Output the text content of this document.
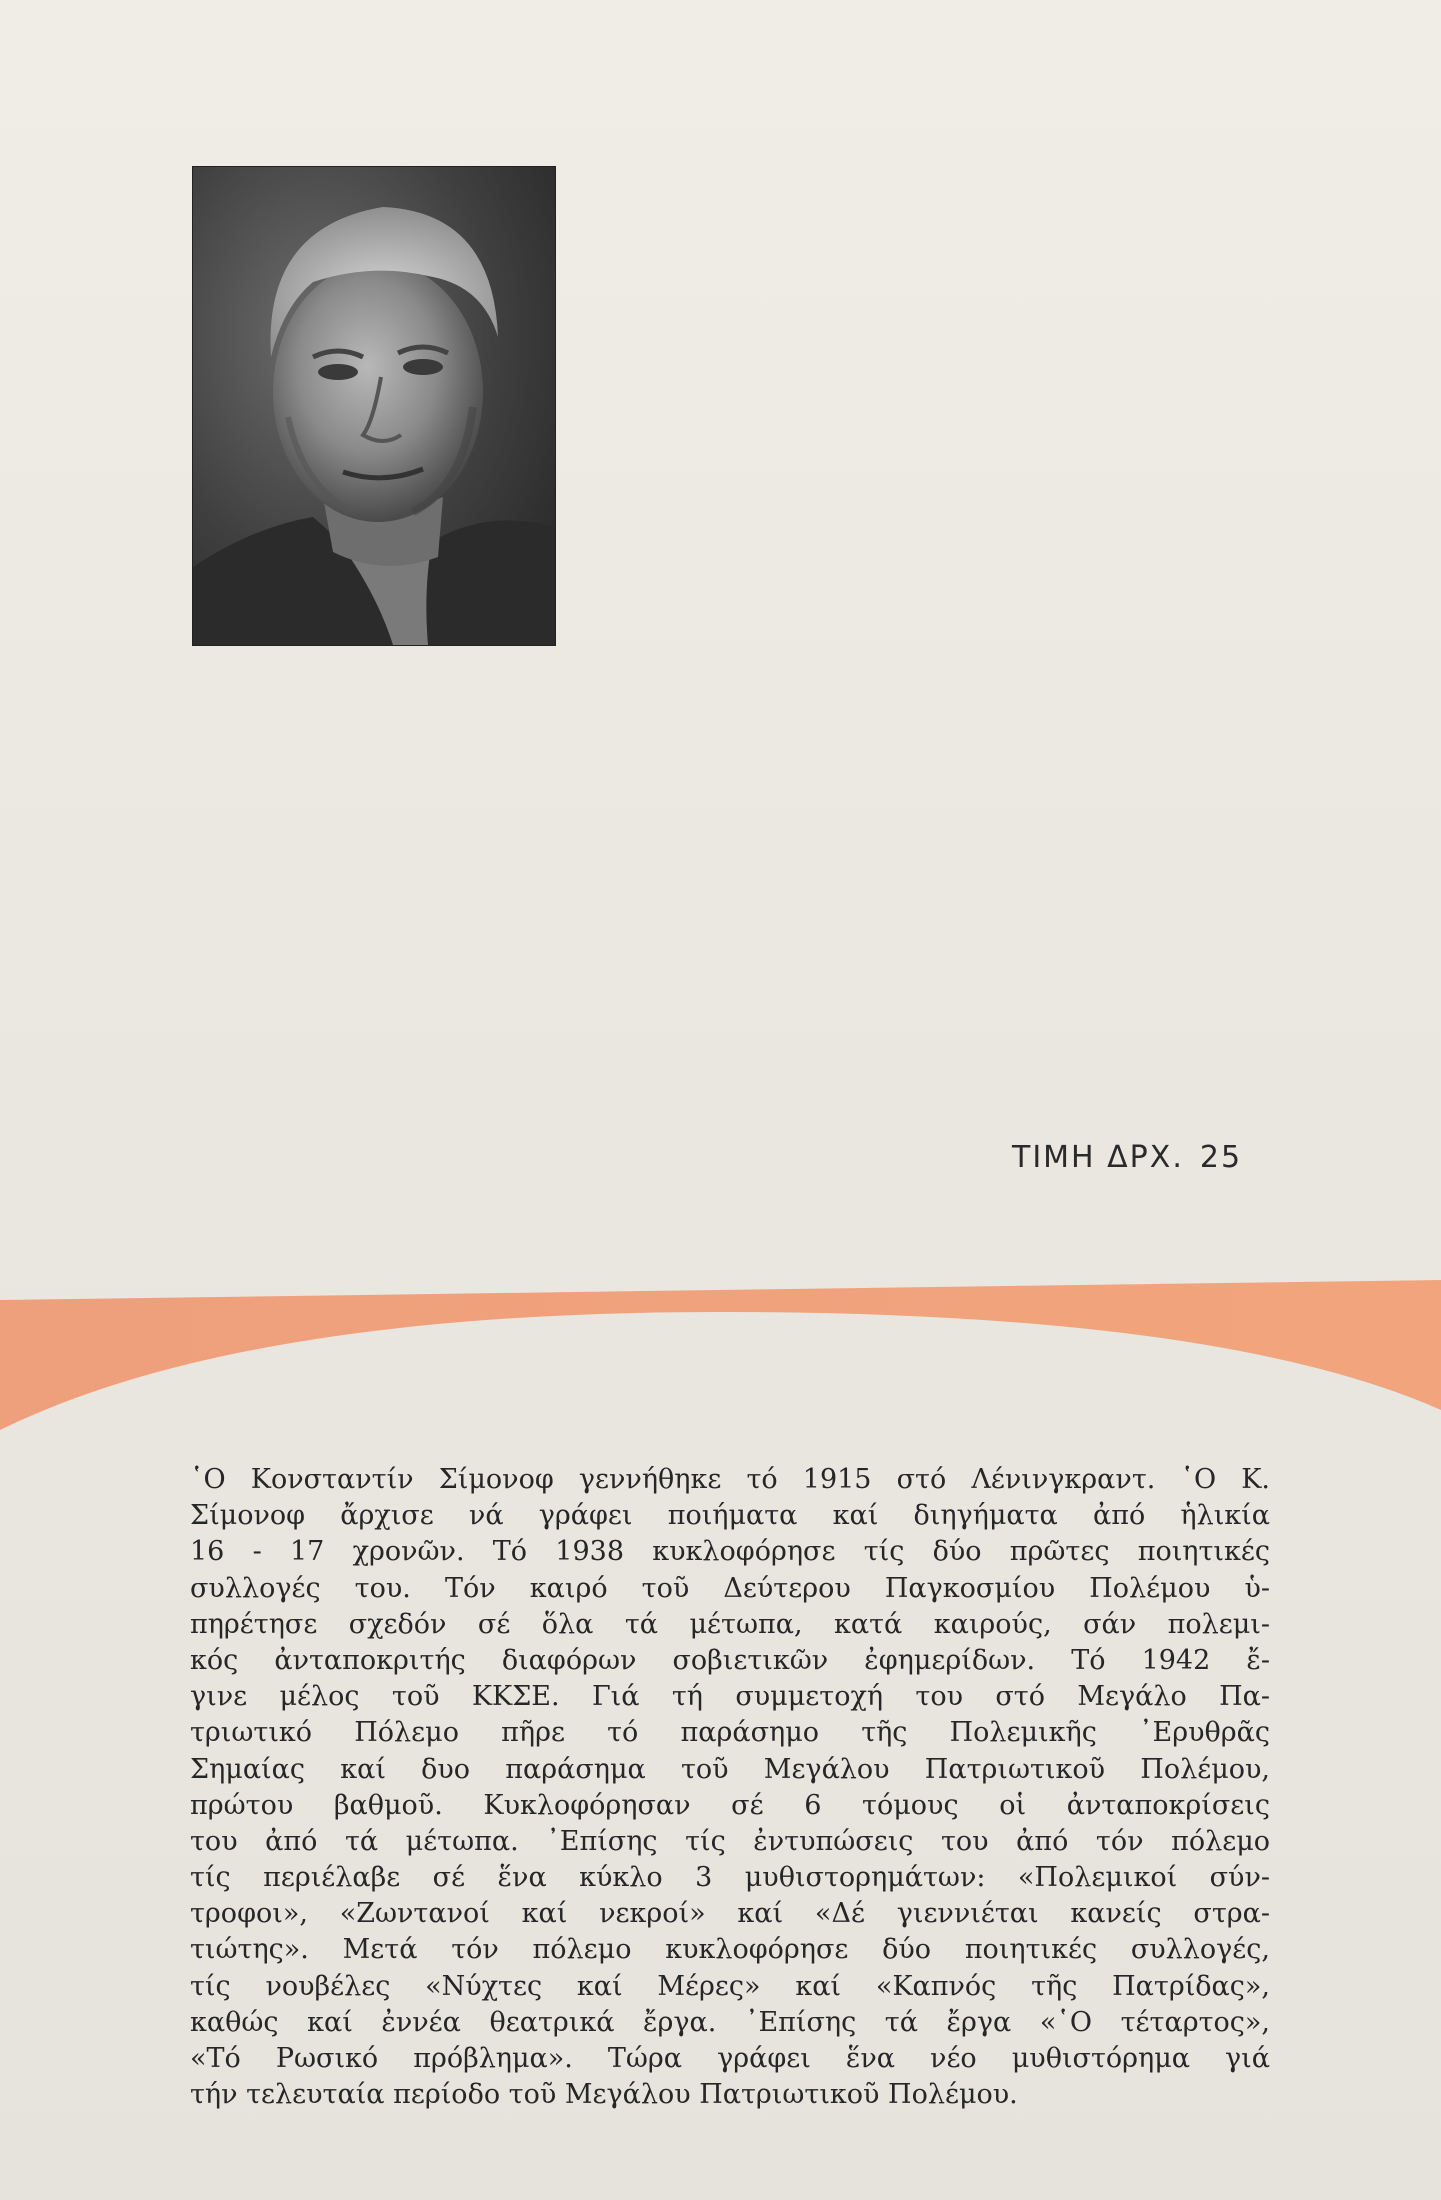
ΤΙΜΗ ΔΡΧ. 25
῾Ο Κονσταντίν Σίμονοφ γεννήθηκε τό 1915 στό Λένινγκραντ. ῾Ο Κ.
Σίμονοφ ἄρχισε νά γράφει ποιήματα καί διηγήματα ἀπό ἡλικία
16 - 17 χρονῶν. Τό 1938 κυκλοφόρησε τίς δύο πρῶτες ποιητικές
συλλογές του. Τόν καιρό τοῦ Δεύτερου Παγκοσμίου Πολέμου ὑ-
πηρέτησε σχεδόν σέ ὅλα τά μέτωπα, κατά καιρούς, σάν πολεμι-
κός ἀνταποκριτής διαφόρων σοβιετικῶν ἐφημερίδων. Τό 1942 ἔ-
γινε μέλος τοῦ ΚΚΣΕ. Γιά τή συμμετοχή του στό Μεγάλο Πα-
τριωτικό Πόλεμο πῆρε τό παράσημο τῆς Πολεμικῆς ᾽Ερυθρᾶς
Σημαίας καί δυο παράσημα τοῦ Μεγάλου Πατριωτικοῦ Πολέμου,
πρώτου βαθμοῦ. Κυκλοφόρησαν σέ 6 τόμους οἱ ἀνταποκρίσεις
του ἀπό τά μέτωπα. ᾽Επίσης τίς ἐντυπώσεις του ἀπό τόν πόλεμο
τίς περιέλαβε σέ ἕνα κύκλο 3 μυθιστορημάτων: «Πολεμικοί σύν-
τροφοι», «Ζωντανοί καί νεκροί» καί «Δέ γιεννιέται κανείς στρα-
τιώτης». Μετά τόν πόλεμο κυκλοφόρησε δύο ποιητικές συλλογές,
τίς νουβέλες «Νύχτες καί Μέρες» καί «Καπνός τῆς Πατρίδας»,
καθώς καί ἐννέα θεατρικά ἔργα. ᾽Επίσης τά ἔργα «῾Ο τέταρτος»,
«Τό Ρωσικό πρόβλημα». Τώρα γράφει ἕνα νέο μυθιστόρημα γιά
τήν τελευταία περίοδο τοῦ Μεγάλου Πατριωτικοῦ Πολέμου.
